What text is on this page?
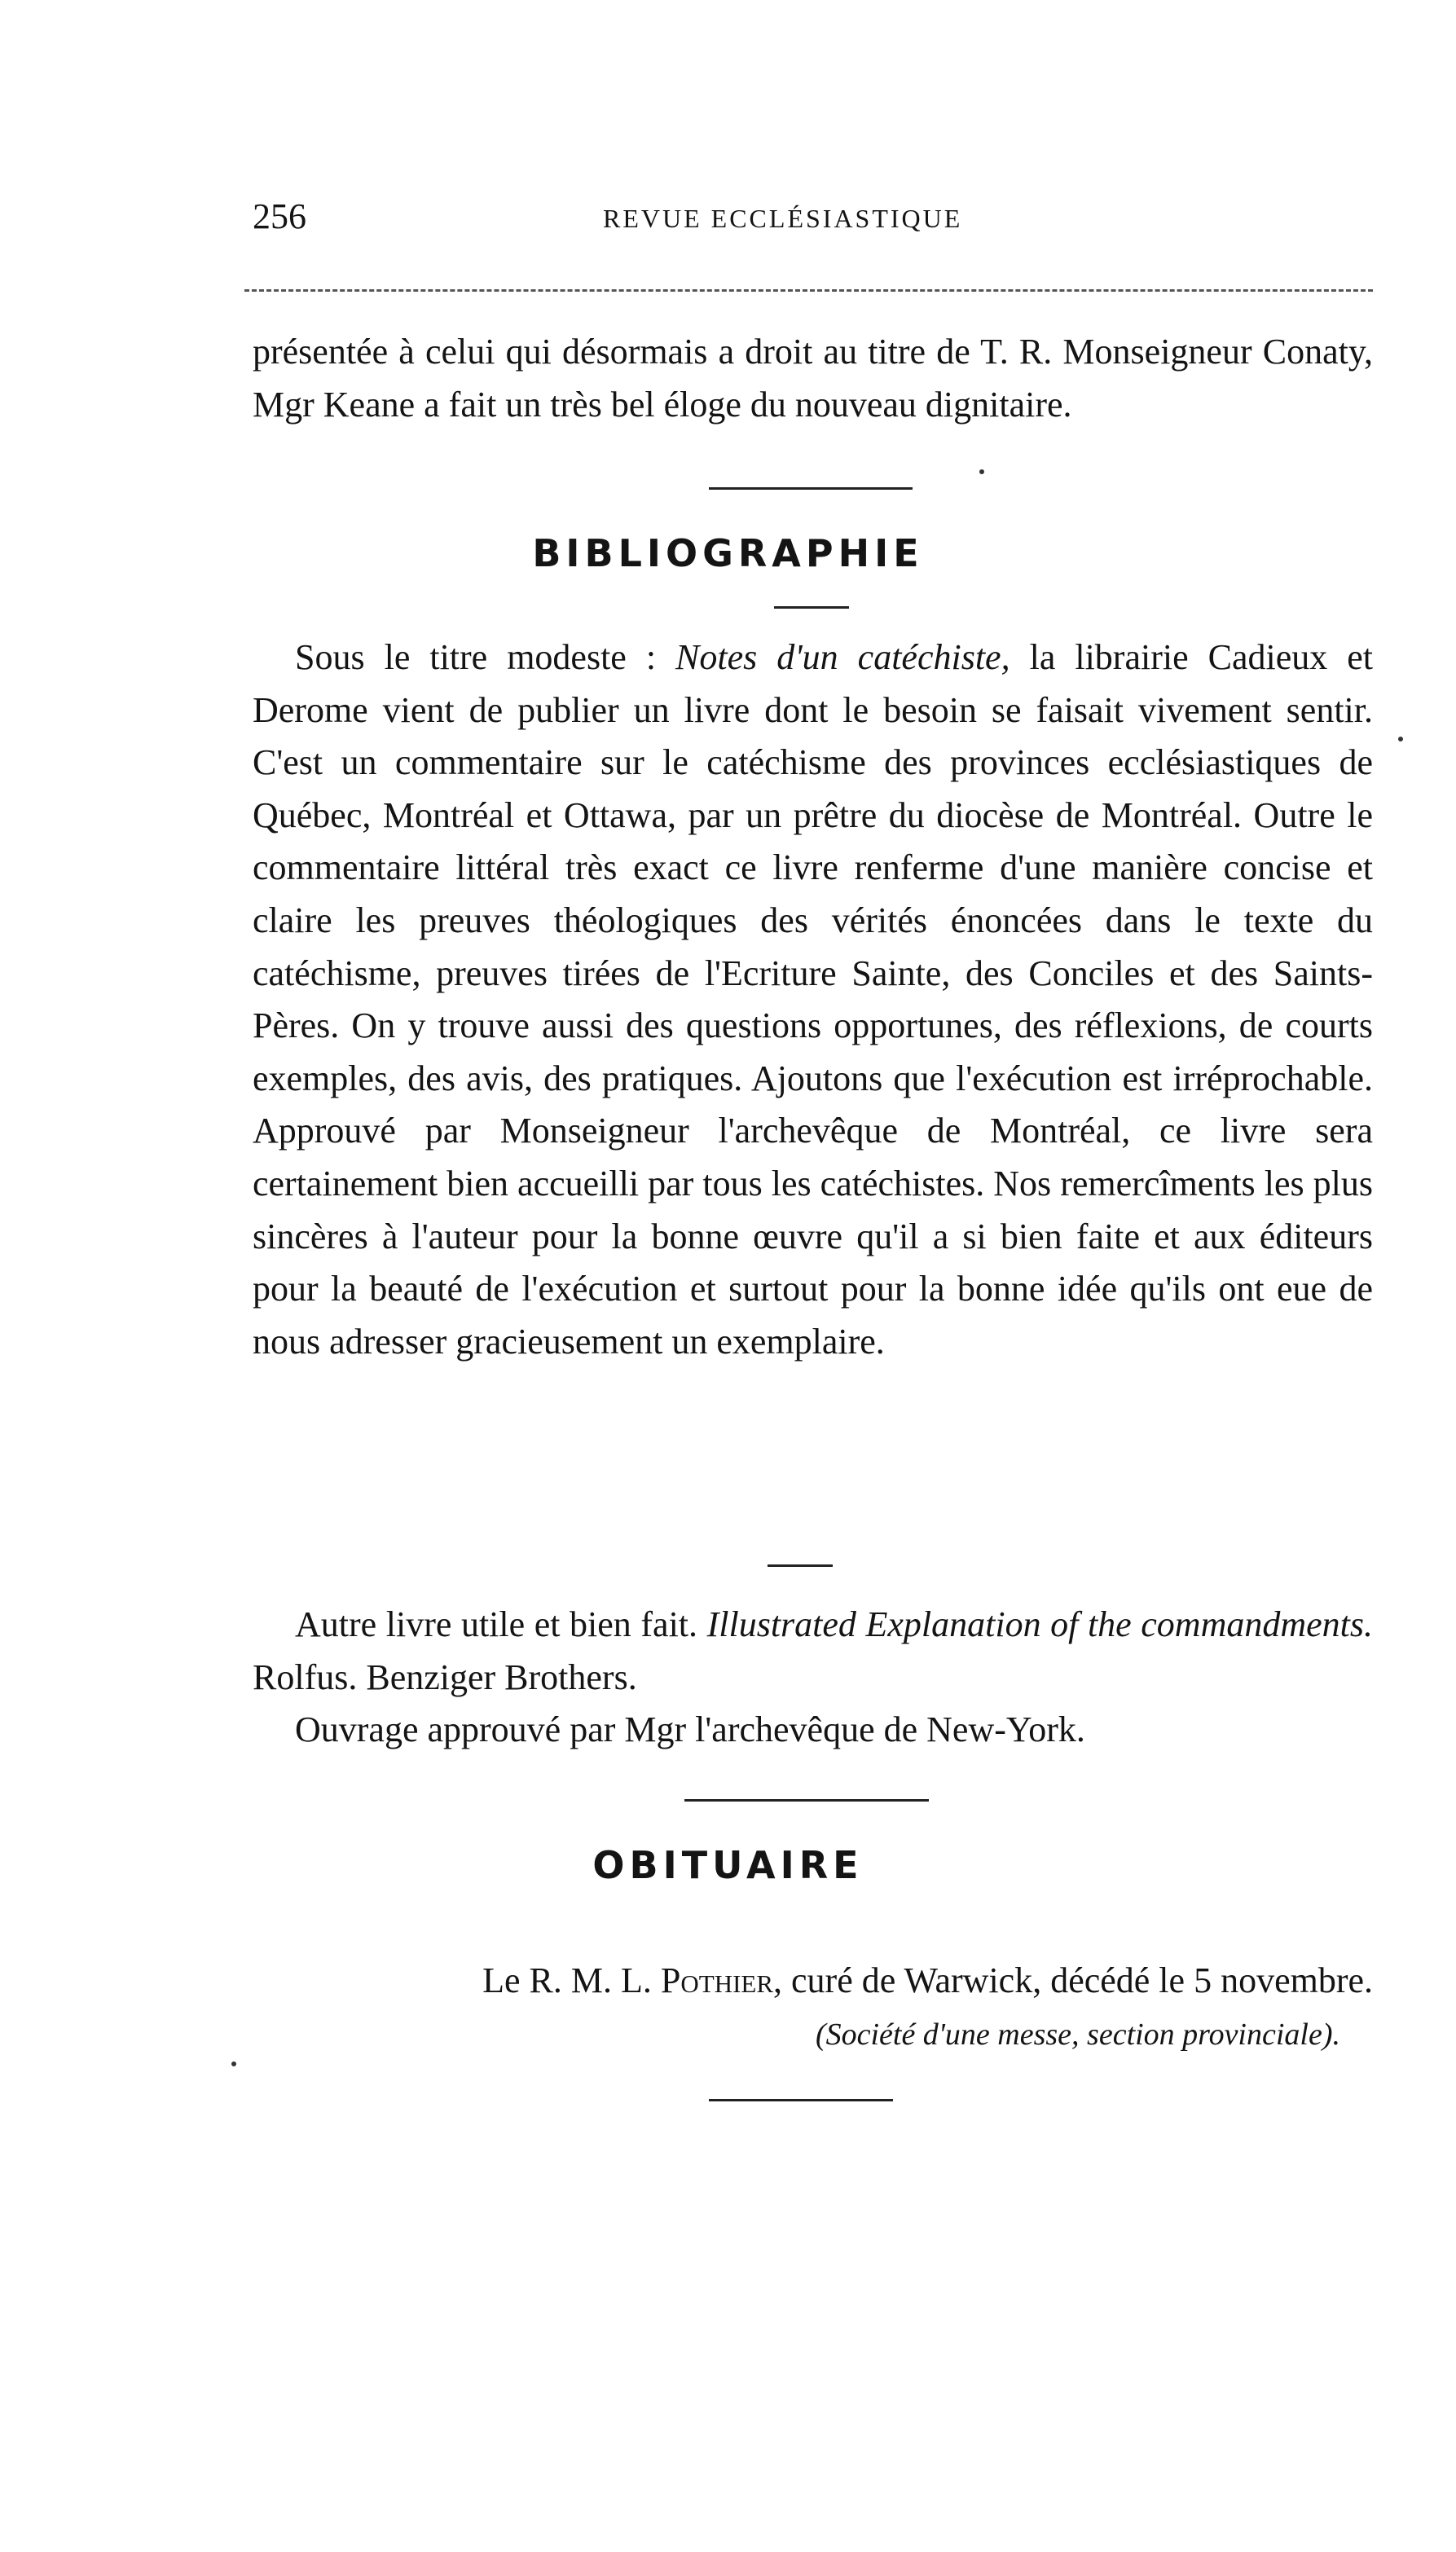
256	REVUE ECCLÉSIASTIQUE

présentée à celui qui désormais a droit au titre de T. R. Monseigneur Conaty, Mgr Keane a fait un très bel éloge du nouveau dignitaire.

BIBLIOGRAPHIE

Sous le titre modeste : Notes d'un catéchiste, la librairie Cadieux et Derome vient de publier un livre dont le besoin se faisait vivement sentir. C'est un commentaire sur le catéchisme des provinces ecclésiastiques de Québec, Montréal et Ottawa, par un prêtre du diocèse de Montréal. Outre le commentaire littéral très exact ce livre renferme d'une manière concise et claire les preuves théologiques des vérités énoncées dans le texte du catéchisme, preuves tirées de l'Ecriture Sainte, des Conciles et des Saints-Pères. On y trouve aussi des questions opportunes, des réflexions, de courts exemples, des avis, des pratiques. Ajoutons que l'exécution est irréprochable. Approuvé par Monseigneur l'archevêque de Montréal, ce livre sera certainement bien accueilli par tous les catéchistes. Nos remercîments les plus sincères à l'auteur pour la bonne œuvre qu'il a si bien faite et aux éditeurs pour la beauté de l'exécution et surtout pour la bonne idée qu'ils ont eue de nous adresser gracieusement un exemplaire.

Autre livre utile et bien fait. Illustrated Explanation of the commandments. Rolfus. Benziger Brothers.

Ouvrage approuvé par Mgr l'archevêque de New-York.

OBITUAIRE
Le R. M. L. Pothier, curé de Warwick, décédé le 5 novembre.
(Société d'une messe, section provinciale).
